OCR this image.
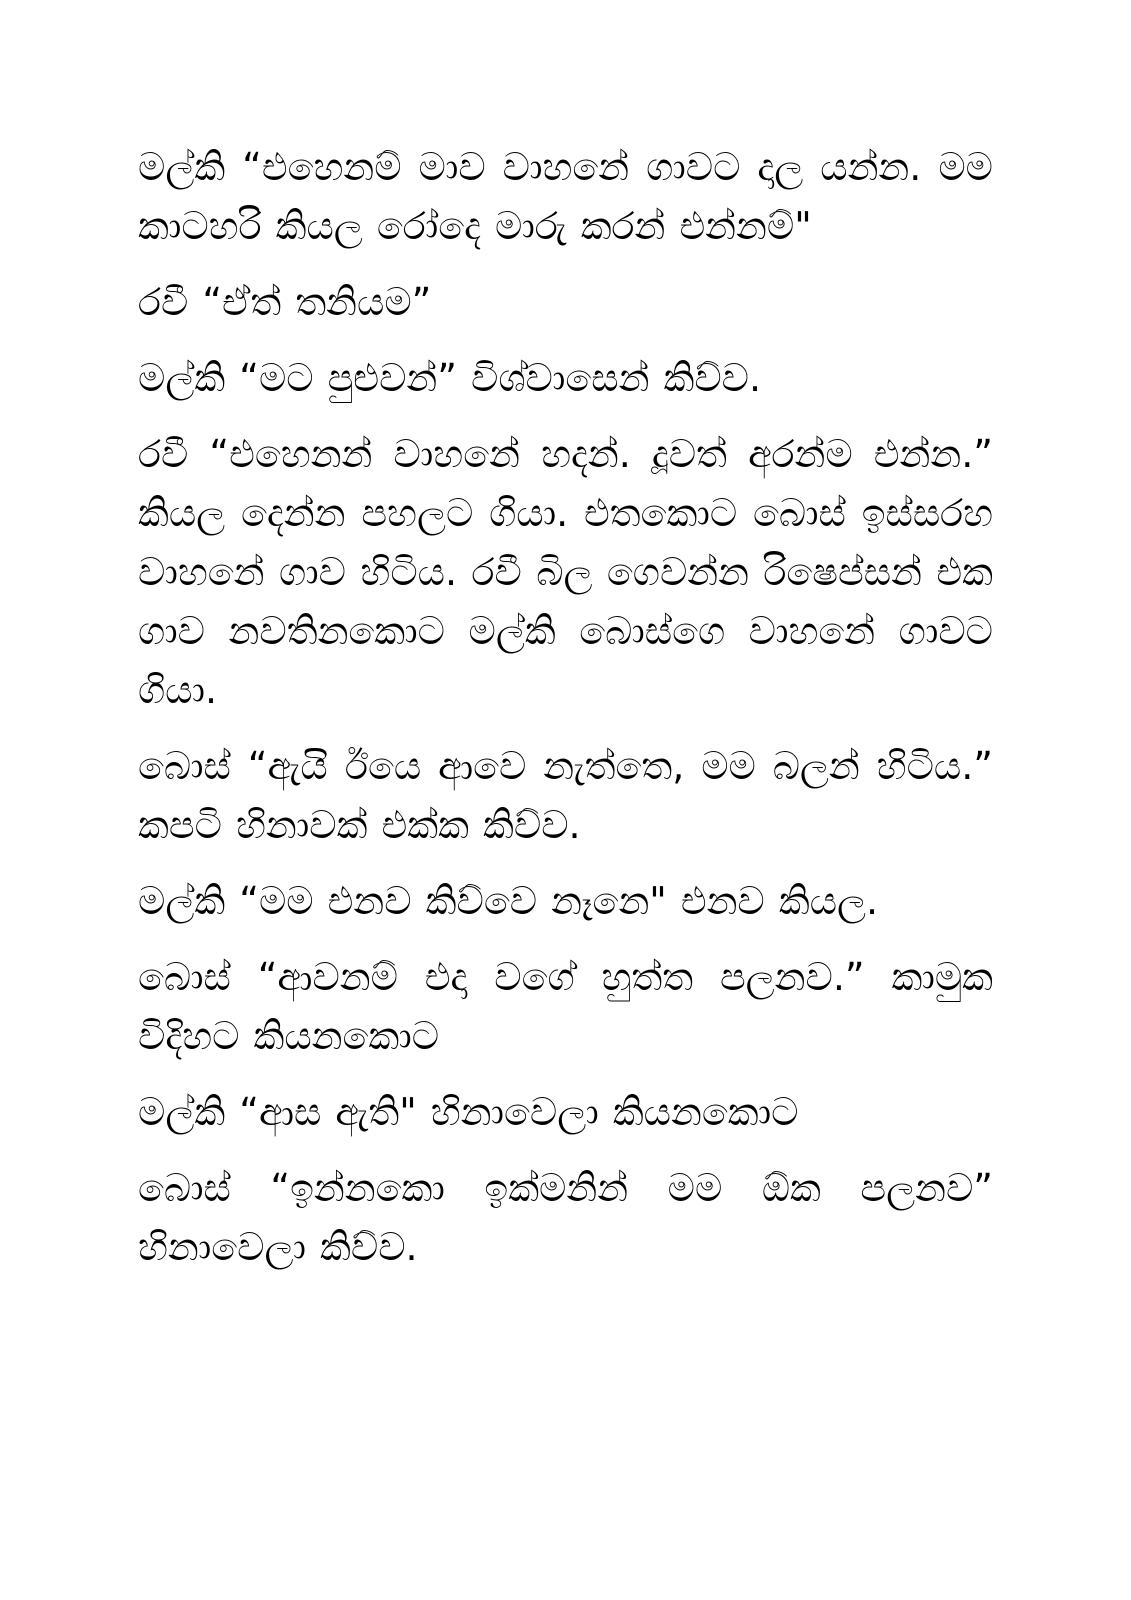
මල්කි “එහෙනම් මාව වාහනේ ගාවට දාල යන්න. මම කාටහරි කියල රෝදෙ මාරු කරන් එන්නම්"

රවී “ඒත් තනියම”

මල්කි “මට පුළුවන්” විශ්වාසෙන් කිව්ව.

රවී “එහෙනන් වාහනේ හදන්. දූවත් අරන්ම එන්න.” කියල දෙන්න පහලට ගියා. එතකොට බොස් ඉස්සරහ වාහනේ ගාව හිටිය. රවී බිල ගෙවන්න රිෂෙප්සන් එක ගාව නවතිනකොට මල්කි බොස්ගෙ වාහනේ ගාවට ගියා.

බොස් “ඇයි ඊයෙ ආවෙ නැත්තෙ, මම බලන් හිටිය.” කපටි හිනාවක් එක්ක කිව්ව.

මල්කි “මම එනව කිව්වෙ නෑනෙ" එනව කියල.

බොස් “ආවනම් එදා වගේ හුත්ත පලනව.” කාමුක විදිහට කියනකොට

මල්කි “ආස ඇති" හිනාවෙලා කියනකොට

බොස් “ඉන්නකො ඉක්මනින් මම ඕක පලනව” හිනාවෙලා කිව්ව.
